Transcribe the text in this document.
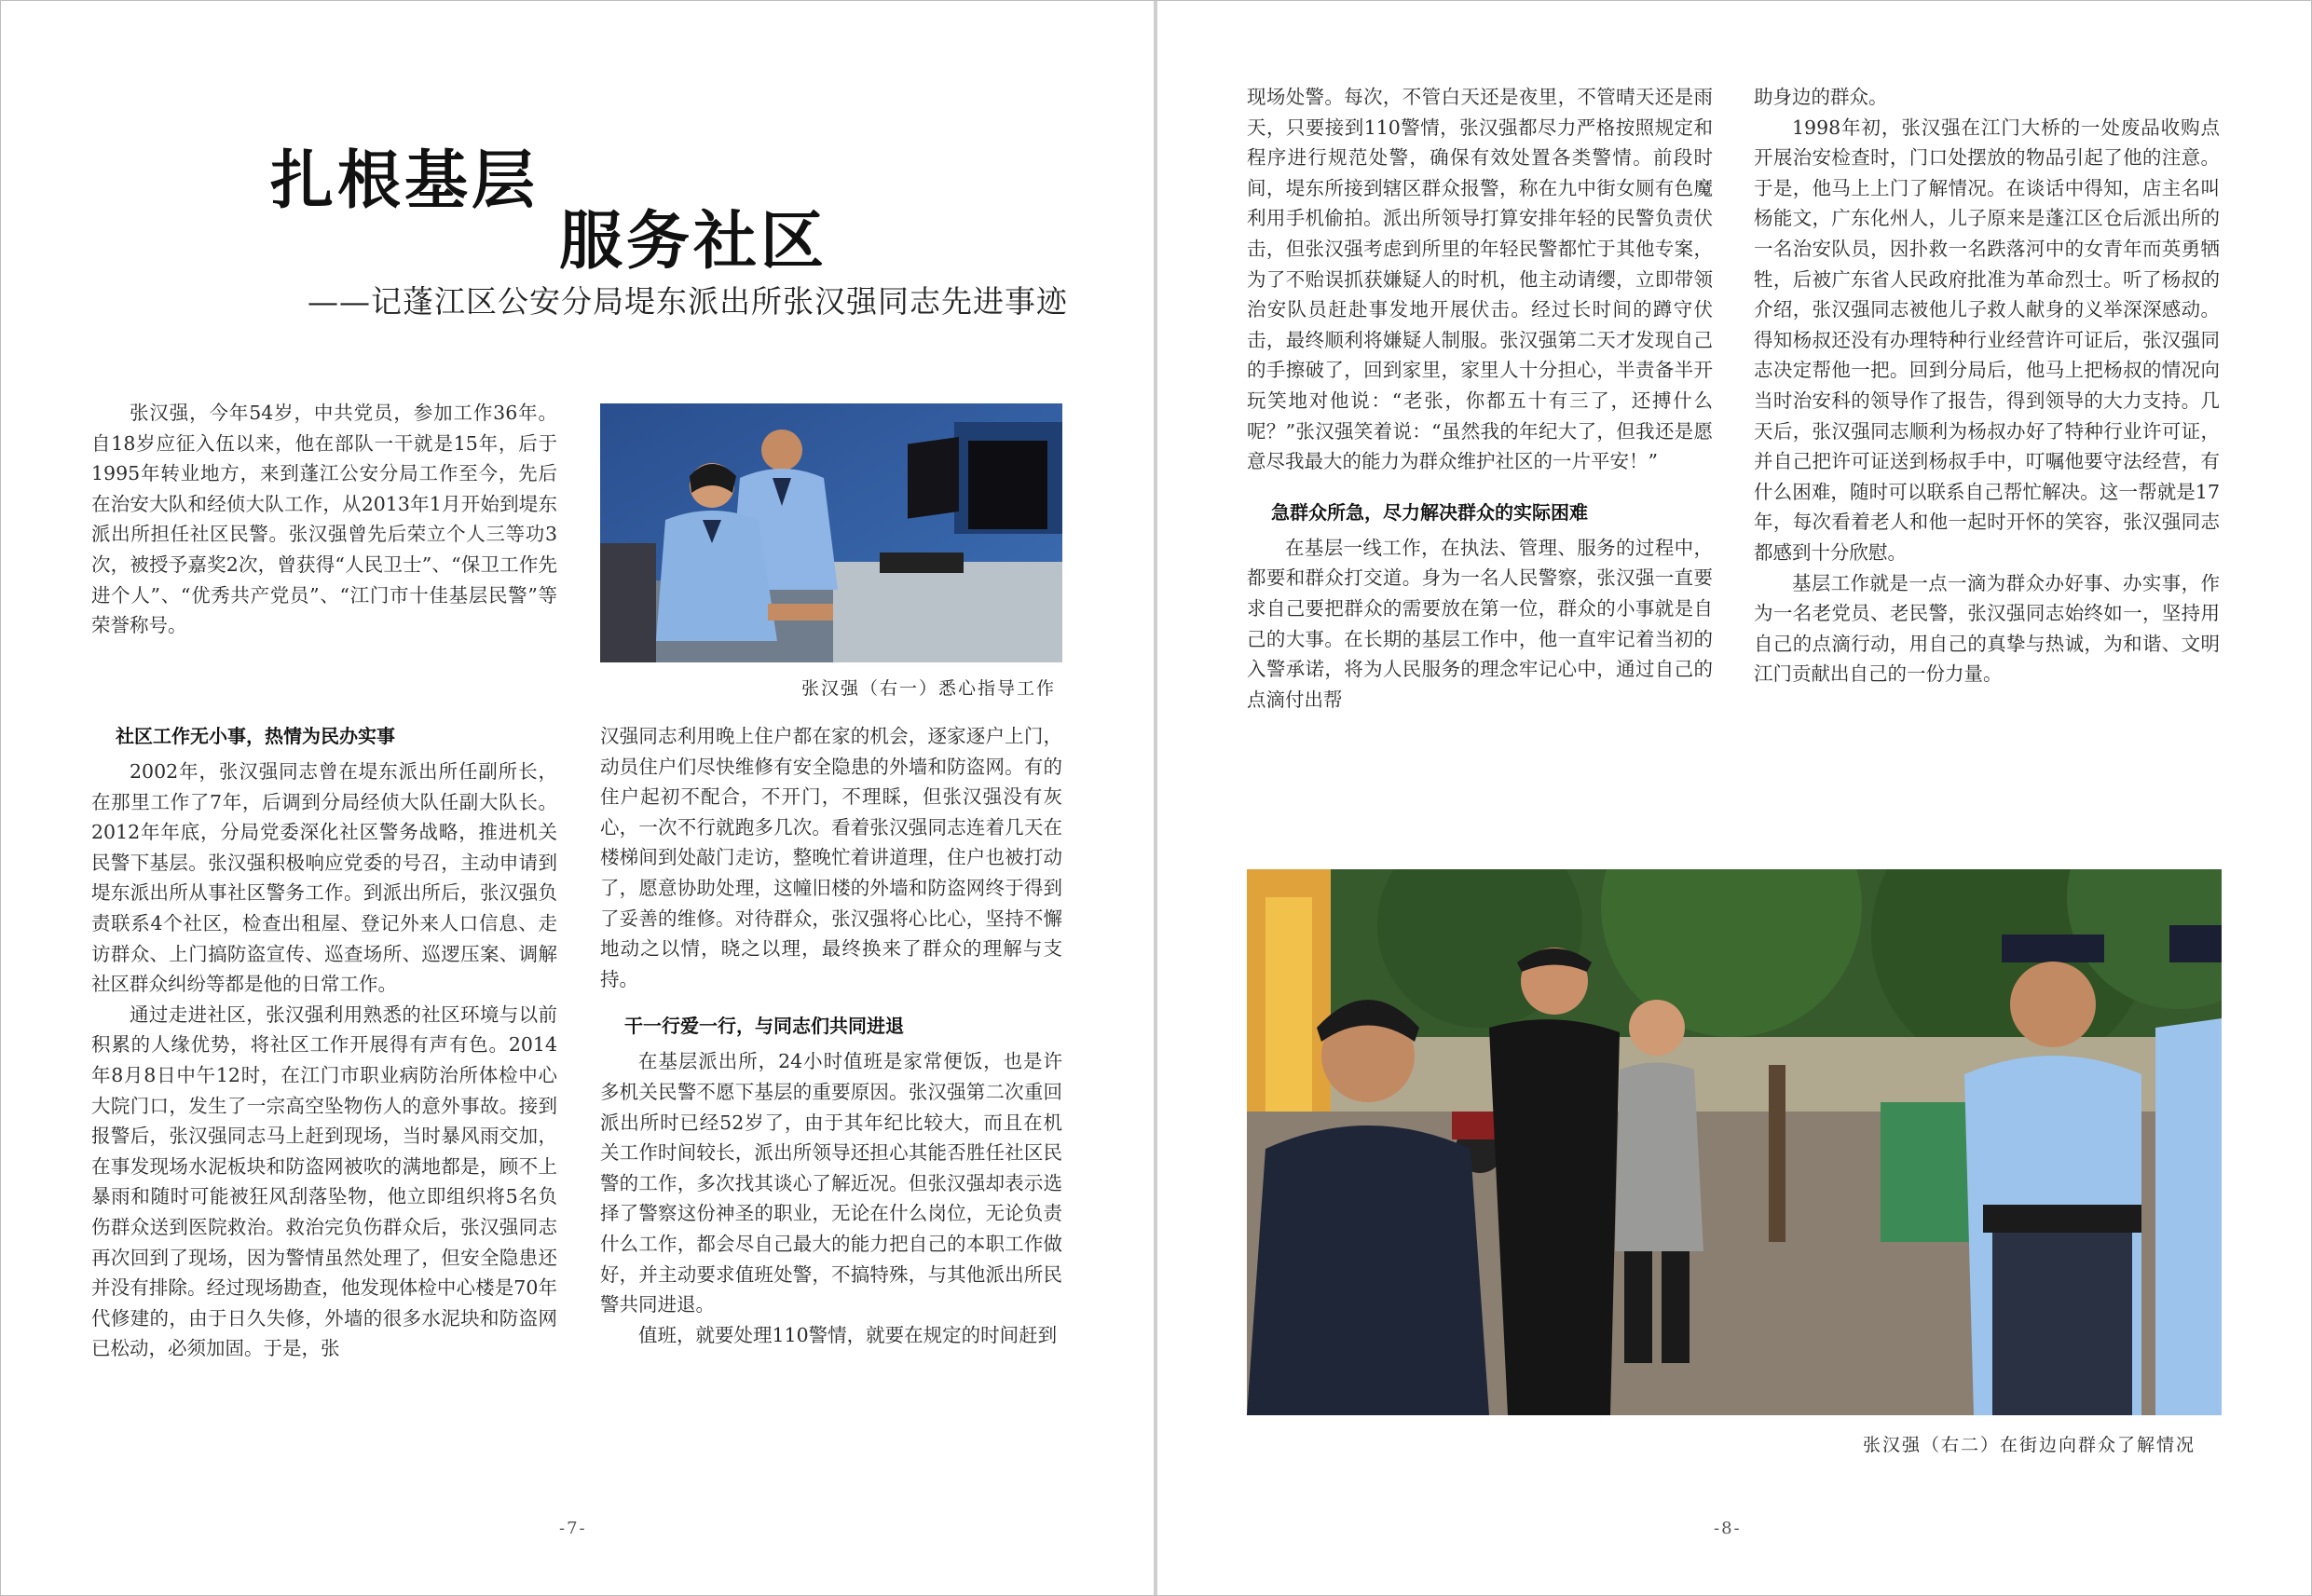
扎根基层
服务社区
——记蓬江区公安分局堤东派出所张汉强同志先进事迹

张汉强，今年54岁，中共党员，参加工作36年。自18岁应征入伍以来，他在部队一干就是15年，后于1995年转业地方，来到蓬江公安分局工作至今，先后在治安大队和经侦大队工作，从2013年1月开始到堤东派出所担任社区民警。张汉强曾先后荣立个人三等功3次，被授予嘉奖2次，曾获得“人民卫士”、“保卫工作先进个人”、“优秀共产党员”、“江门市十佳基层民警”等荣誉称号。

社区工作无小事，热情为民办实事

2002年，张汉强同志曾在堤东派出所任副所长，在那里工作了7年，后调到分局经侦大队任副大队长。2012年年底，分局党委深化社区警务战略，推进机关民警下基层。张汉强积极响应党委的号召，主动申请到堤东派出所从事社区警务工作。到派出所后，张汉强负责联系4个社区，检查出租屋、登记外来人口信息、走访群众、上门搞防盗宣传、巡查场所、巡逻压案、调解社区群众纠纷等都是他的日常工作。

通过走进社区，张汉强利用熟悉的社区环境与以前积累的人缘优势，将社区工作开展得有声有色。2014年8月8日中午12时，在江门市职业病防治所体检中心大院门口，发生了一宗高空坠物伤人的意外事故。接到报警后，张汉强同志马上赶到现场，当时暴风雨交加，在事发现场水泥板块和防盗网被吹的满地都是，顾不上暴雨和随时可能被狂风刮落坠物，他立即组织将5名负伤群众送到医院救治。救治完负伤群众后，张汉强同志再次回到了现场，因为警情虽然处理了，但安全隐患还并没有排除。经过现场勘查，他发现体检中心楼是70年代修建的，由于日久失修，外墙的很多水泥块和防盗网已松动，必须加固。于是，张

张汉强（右一）悉心指导工作

汉强同志利用晚上住户都在家的机会，逐家逐户上门，动员住户们尽快维修有安全隐患的外墙和防盗网。有的住户起初不配合，不开门，不理睬，但张汉强没有灰心，一次不行就跑多几次。看着张汉强同志连着几天在楼梯间到处敲门走访，整晚忙着讲道理，住户也被打动了，愿意协助处理，这幢旧楼的外墙和防盗网终于得到了妥善的维修。对待群众，张汉强将心比心，坚持不懈地动之以情，晓之以理，最终换来了群众的理解与支持。

干一行爱一行，与同志们共同进退

在基层派出所，24小时值班是家常便饭，也是许多机关民警不愿下基层的重要原因。张汉强第二次重回派出所时已经52岁了，由于其年纪比较大，而且在机关工作时间较长，派出所领导还担心其能否胜任社区民警的工作，多次找其谈心了解近况。但张汉强却表示选择了警察这份神圣的职业，无论在什么岗位，无论负责什么工作，都会尽自己最大的能力把自己的本职工作做好，并主动要求值班处警，不搞特殊，与其他派出所民警共同进退。

值班，就要处理110警情，就要在规定的时间赶到

-7-

现场处警。每次，不管白天还是夜里，不管晴天还是雨天，只要接到110警情，张汉强都尽力严格按照规定和程序进行规范处警，确保有效处置各类警情。前段时间，堤东所接到辖区群众报警，称在九中街女厕有色魔利用手机偷拍。派出所领导打算安排年轻的民警负责伏击，但张汉强考虑到所里的年轻民警都忙于其他专案，为了不贻误抓获嫌疑人的时机，他主动请缨，立即带领治安队员赶赴事发地开展伏击。经过长时间的蹲守伏击，最终顺利将嫌疑人制服。张汉强第二天才发现自己的手擦破了，回到家里，家里人十分担心，半责备半开玩笑地对他说：“老张，你都五十有三了，还搏什么呢？”张汉强笑着说：“虽然我的年纪大了，但我还是愿意尽我最大的能力为群众维护社区的一片平安！”

急群众所急，尽力解决群众的实际困难

在基层一线工作，在执法、管理、服务的过程中，都要和群众打交道。身为一名人民警察，张汉强一直要求自己要把群众的需要放在第一位，群众的小事就是自己的大事。在长期的基层工作中，他一直牢记着当初的入警承诺，将为人民服务的理念牢记心中，通过自己的点滴付出帮

助身边的群众。

1998年初，张汉强在江门大桥的一处废品收购点开展治安检查时，门口处摆放的物品引起了他的注意。于是，他马上上门了解情况。在谈话中得知，店主名叫杨能文，广东化州人，儿子原来是蓬江区仓后派出所的一名治安队员，因扑救一名跌落河中的女青年而英勇牺牲，后被广东省人民政府批准为革命烈士。听了杨叔的介绍，张汉强同志被他儿子救人献身的义举深深感动。得知杨叔还没有办理特种行业经营许可证后，张汉强同志决定帮他一把。回到分局后，他马上把杨叔的情况向当时治安科的领导作了报告，得到领导的大力支持。几天后，张汉强同志顺利为杨叔办好了特种行业许可证，并自己把许可证送到杨叔手中，叮嘱他要守法经营，有什么困难，随时可以联系自己帮忙解决。这一帮就是17年，每次看着老人和他一起时开怀的笑容，张汉强同志都感到十分欣慰。

基层工作就是一点一滴为群众办好事、办实事，作为一名老党员、老民警，张汉强同志始终如一，坚持用自己的点滴行动，用自己的真挚与热诚，为和谐、文明江门贡献出自己的一份力量。

张汉强（右二）在街边向群众了解情况
-8-
